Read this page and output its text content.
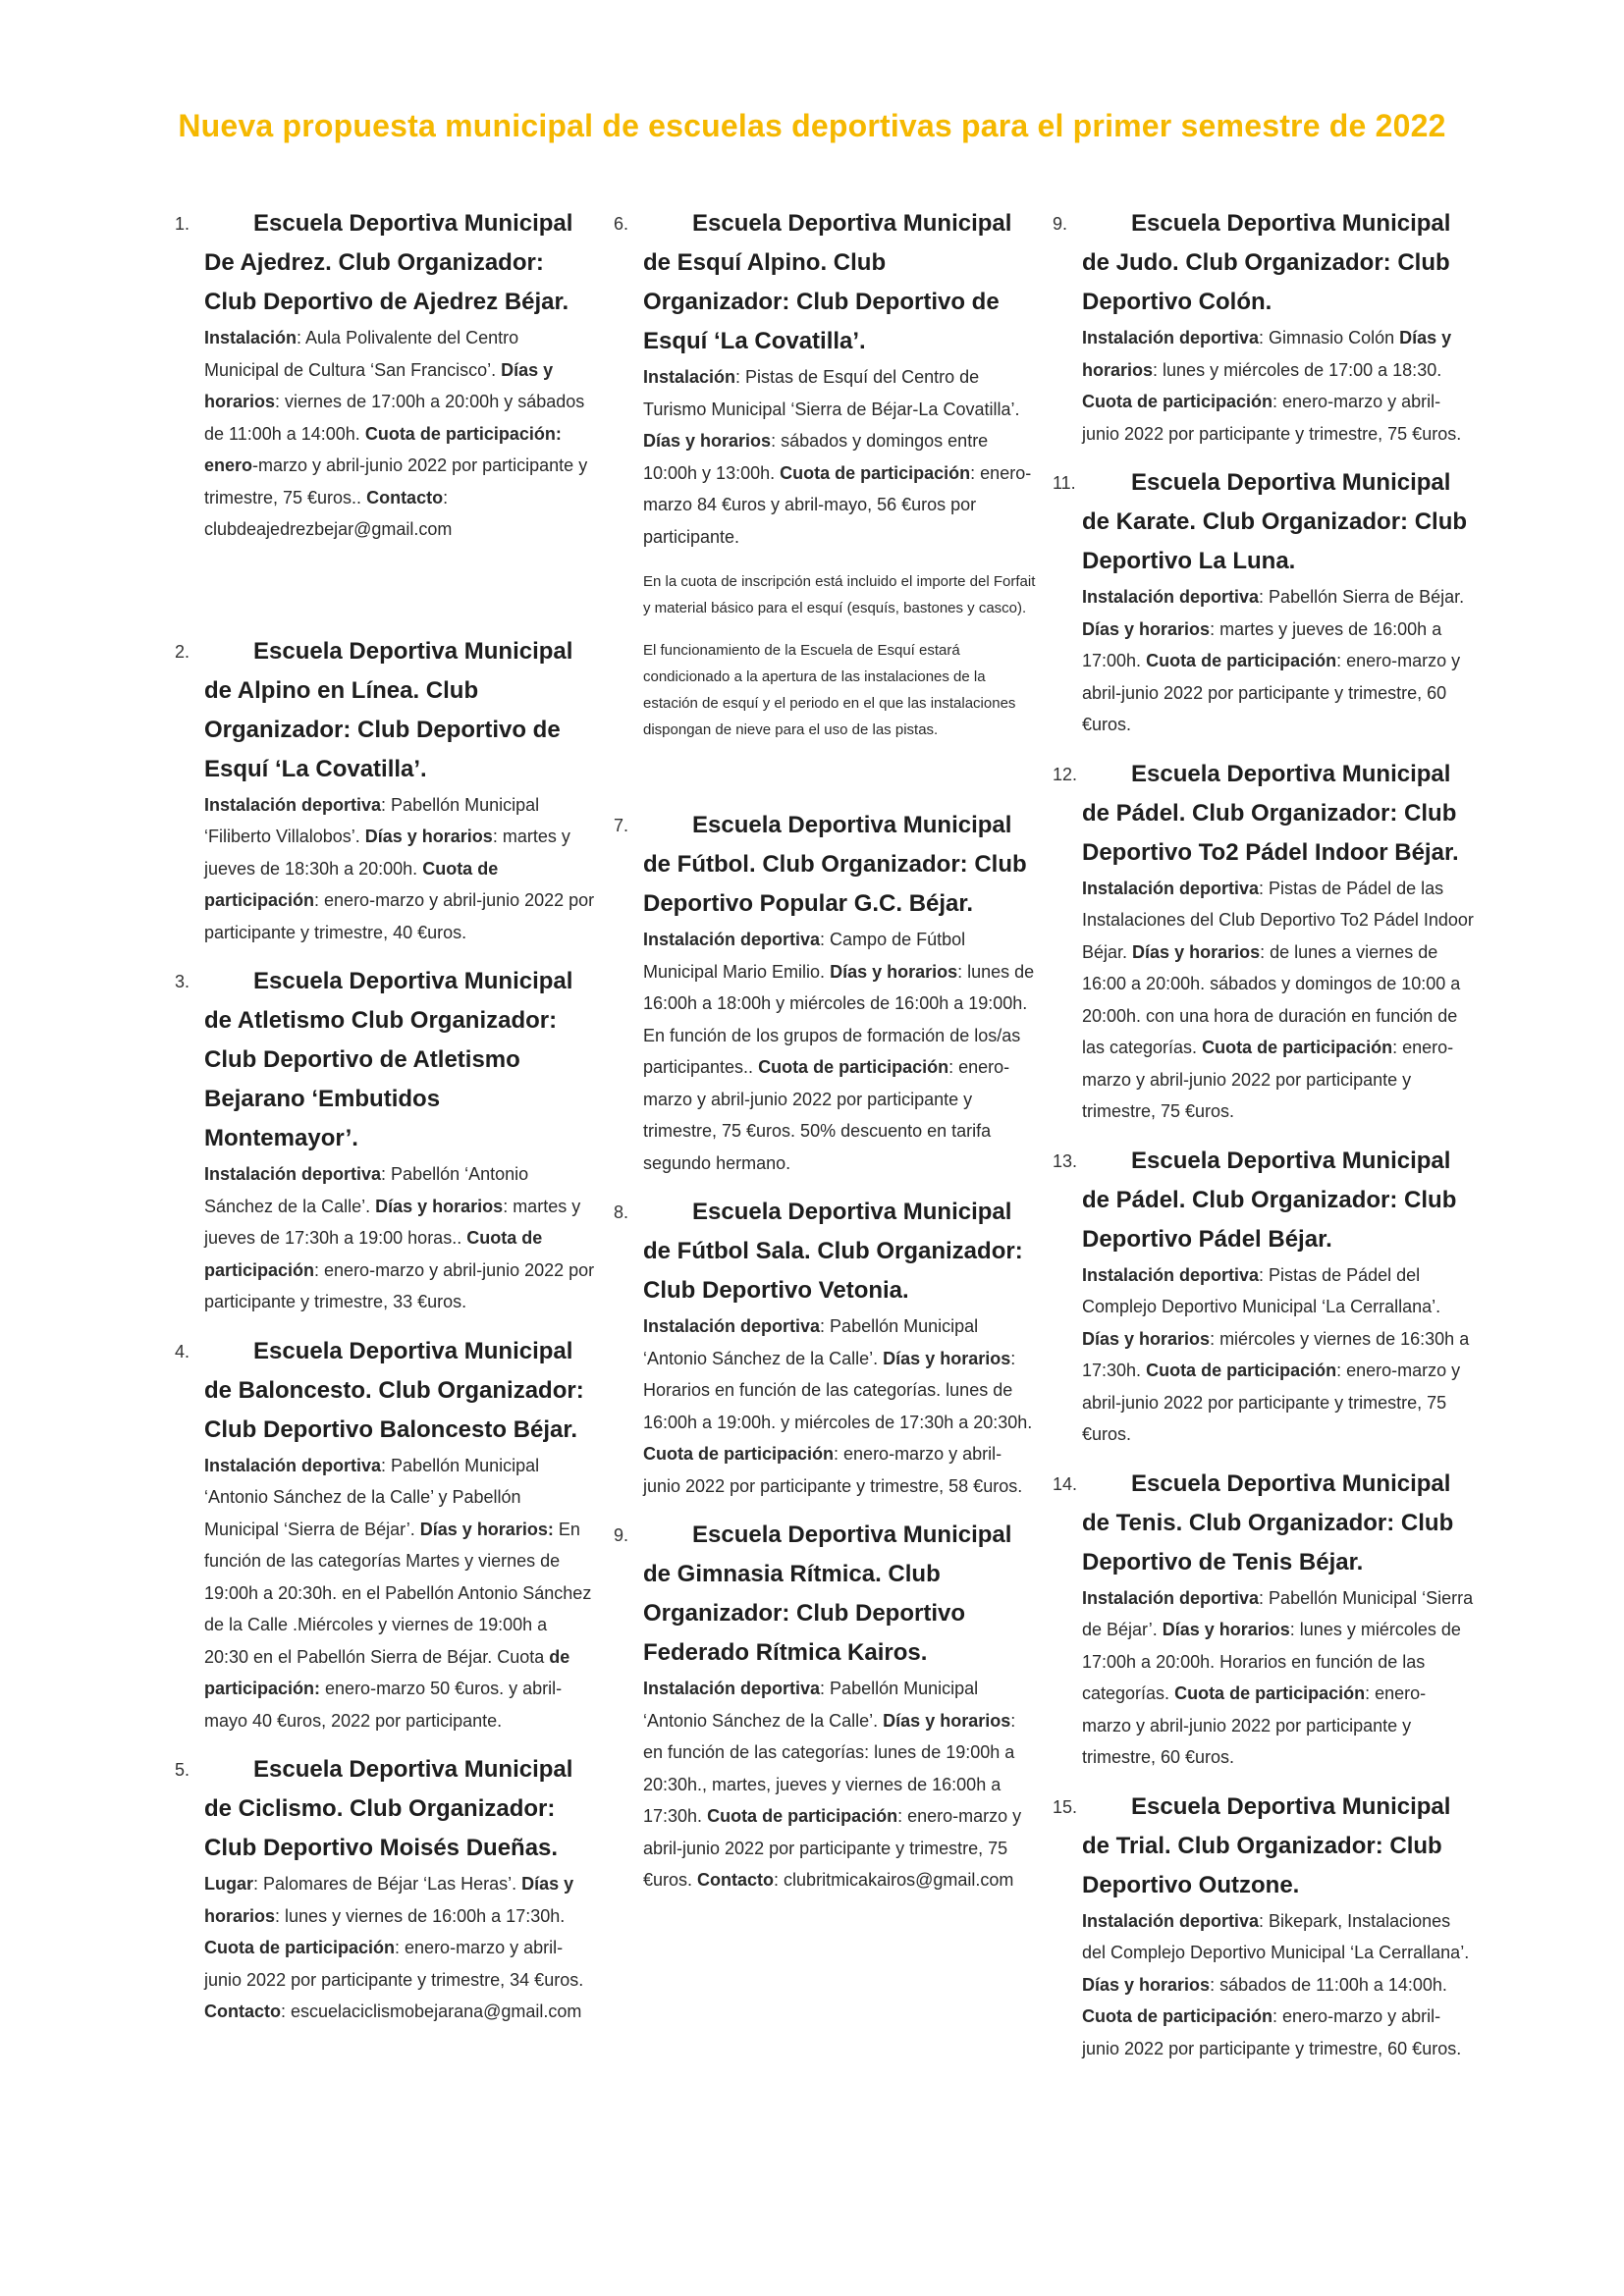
Nueva propuesta municipal de escuelas deportivas para el primer semestre de 2022
1.	Escuela Deportiva Municipal De Ajedrez. Club Organizador: Club Deportivo de Ajedrez Béjar.
Instalación: Aula Polivalente del Centro Municipal de Cultura ‘San Francisco’. Días y horarios: viernes de 17:00h a 20:00h y sábados de 11:00h a 14:00h. Cuota de participación: enero-marzo y abril-junio 2022 por participante y trimestre, 75 €uros.. Contacto: clubdeajedrezbejar@gmail.com
2.	Escuela Deportiva Municipal de Alpino en Línea. Club Organizador: Club Deportivo de Esquí ‘La Covatilla’.
Instalación deportiva: Pabellón Municipal ‘Filiberto Villalobos’. Días y horarios: martes y jueves de 18:30h a 20:00h. Cuota de participación: enero-marzo y abril-junio 2022 por participante y trimestre, 40 €uros.
3.	Escuela Deportiva Municipal de Atletismo Club Organizador: Club Deportivo de Atletismo Bejarano ‘Embutidos Montemayor’.
Instalación deportiva: Pabellón ‘Antonio Sánchez de la Calle’. Días y horarios: martes y jueves de 17:30h a 19:00 horas.. Cuota de participación: enero-marzo y abril-junio 2022 por participante y trimestre, 33 €uros.
4.	Escuela Deportiva Municipal de Baloncesto. Club Organizador: Club Deportivo Baloncesto Béjar.
Instalación deportiva: Pabellón Municipal ‘Antonio Sánchez de la Calle’ y Pabellón Municipal ‘Sierra de Béjar’. Días y horarios: En función de las categorías Martes y viernes de 19:00h a 20:30h. en el Pabellón Antonio Sánchez de la Calle .Miércoles y viernes de 19:00h a 20:30 en el Pabellón Sierra de Béjar. Cuota de participación: enero-marzo 50 €uros. y abril-mayo 40 €uros, 2022 por participante.
5.	Escuela Deportiva Municipal de Ciclismo. Club Organizador: Club Deportivo Moisés Dueñas.
Lugar: Palomares de Béjar ‘Las Heras’. Días y horarios: lunes y viernes de 16:00h a 17:30h. Cuota de participación: enero-marzo y abril-junio 2022 por participante y trimestre, 34 €uros. Contacto: escuelaciclismobejarana@gmail.com
6.	Escuela Deportiva Municipal de Esquí Alpino. Club Organizador: Club Deportivo de Esquí ‘La Covatilla’.
Instalación: Pistas de Esquí del Centro de Turismo Municipal ‘Sierra de Béjar-La Covatilla’. Días y horarios: sábados y domingos entre 10:00h y 13:00h. Cuota de participación: enero-marzo 84 €uros y abril-mayo, 56 €uros por participante.
En la cuota de inscripción está incluido el importe del Forfait y material básico para el esquí (esquís, bastones y casco).
El funcionamiento de la Escuela de Esquí estará condicionado a la apertura de las instalaciones de la estación de esquí y el periodo en el que las instalaciones dispongan de nieve para el uso de las pistas.
7.	Escuela Deportiva Municipal de Fútbol. Club Organizador: Club Deportivo Popular G.C. Béjar.
Instalación deportiva: Campo de Fútbol Municipal Mario Emilio. Días y horarios: lunes de 16:00h a 18:00h y miércoles de 16:00h a 19:00h. En función de los grupos de formación de los/as participantes.. Cuota de participación: enero-marzo y abril-junio 2022 por participante y trimestre, 75 €uros. 50% descuento en tarifa segundo hermano.
8.	Escuela Deportiva Municipal de Fútbol Sala. Club Organizador: Club Deportivo Vetonia.
Instalación deportiva: Pabellón Municipal ‘Antonio Sánchez de la Calle’. Días y horarios: Horarios en función de las categorías. lunes de 16:00h a 19:00h. y miércoles de 17:30h a 20:30h. Cuota de participación: enero-marzo y abril-junio 2022 por participante y trimestre, 58 €uros.
9.	Escuela Deportiva Municipal de Gimnasia Rítmica. Club Organizador: Club Deportivo Federado Rítmica Kairos.
Instalación deportiva: Pabellón Municipal ‘Antonio Sánchez de la Calle’. Días y horarios: en función de las categorías: lunes de 19:00h a 20:30h., martes, jueves y viernes de 16:00h a 17:30h. Cuota de participación: enero-marzo y abril-junio 2022 por participante y trimestre, 75 €uros. Contacto: clubritmicakairos@gmail.com
9.	Escuela Deportiva Municipal de Judo. Club Organizador: Club Deportivo Colón.
Instalación deportiva: Gimnasio Colón Días y horarios: lunes y miércoles de 17:00 a 18:30. Cuota de participación: enero-marzo y abril-junio 2022 por participante y trimestre, 75 €uros.
11.	Escuela Deportiva Municipal de Karate. Club Organizador: Club Deportivo La Luna.
Instalación deportiva: Pabellón Sierra de Béjar. Días y horarios: martes y jueves de 16:00h a 17:00h. Cuota de participación: enero-marzo y abril-junio 2022 por participante y trimestre, 60 €uros.
12.	Escuela Deportiva Municipal de Pádel. Club Organizador: Club Deportivo To2 Pádel Indoor Béjar.
Instalación deportiva: Pistas de Pádel de las Instalaciones del Club Deportivo To2 Pádel Indoor Béjar. Días y horarios: de lunes a viernes de 16:00 a 20:00h. sábados y domingos de 10:00 a 20:00h. con una hora de duración en función de las categorías. Cuota de participación: enero-marzo y abril-junio 2022 por participante y trimestre, 75 €uros.
13.	Escuela Deportiva Municipal de Pádel. Club Organizador: Club Deportivo Pádel Béjar.
Instalación deportiva: Pistas de Pádel del Complejo Deportivo Municipal ‘La Cerrallana’. Días y horarios: miércoles y viernes de 16:30h a 17:30h. Cuota de participación: enero-marzo y abril-junio 2022 por participante y trimestre, 75 €uros.
14.	Escuela Deportiva Municipal de Tenis. Club Organizador: Club Deportivo de Tenis Béjar.
Instalación deportiva: Pabellón Municipal ‘Sierra de Béjar’. Días y horarios: lunes y miércoles de 17:00h a 20:00h. Horarios en función de las categorías. Cuota de participación: enero-marzo y abril-junio 2022 por participante y trimestre, 60 €uros.
15.	Escuela Deportiva Municipal de Trial. Club Organizador: Club Deportivo Outzone.
Instalación deportiva: Bikepark, Instalaciones del Complejo Deportivo Municipal ‘La Cerrallana’. Días y horarios: sábados de 11:00h a 14:00h. Cuota de participación: enero-marzo y abril-junio 2022 por participante y trimestre, 60 €uros.
